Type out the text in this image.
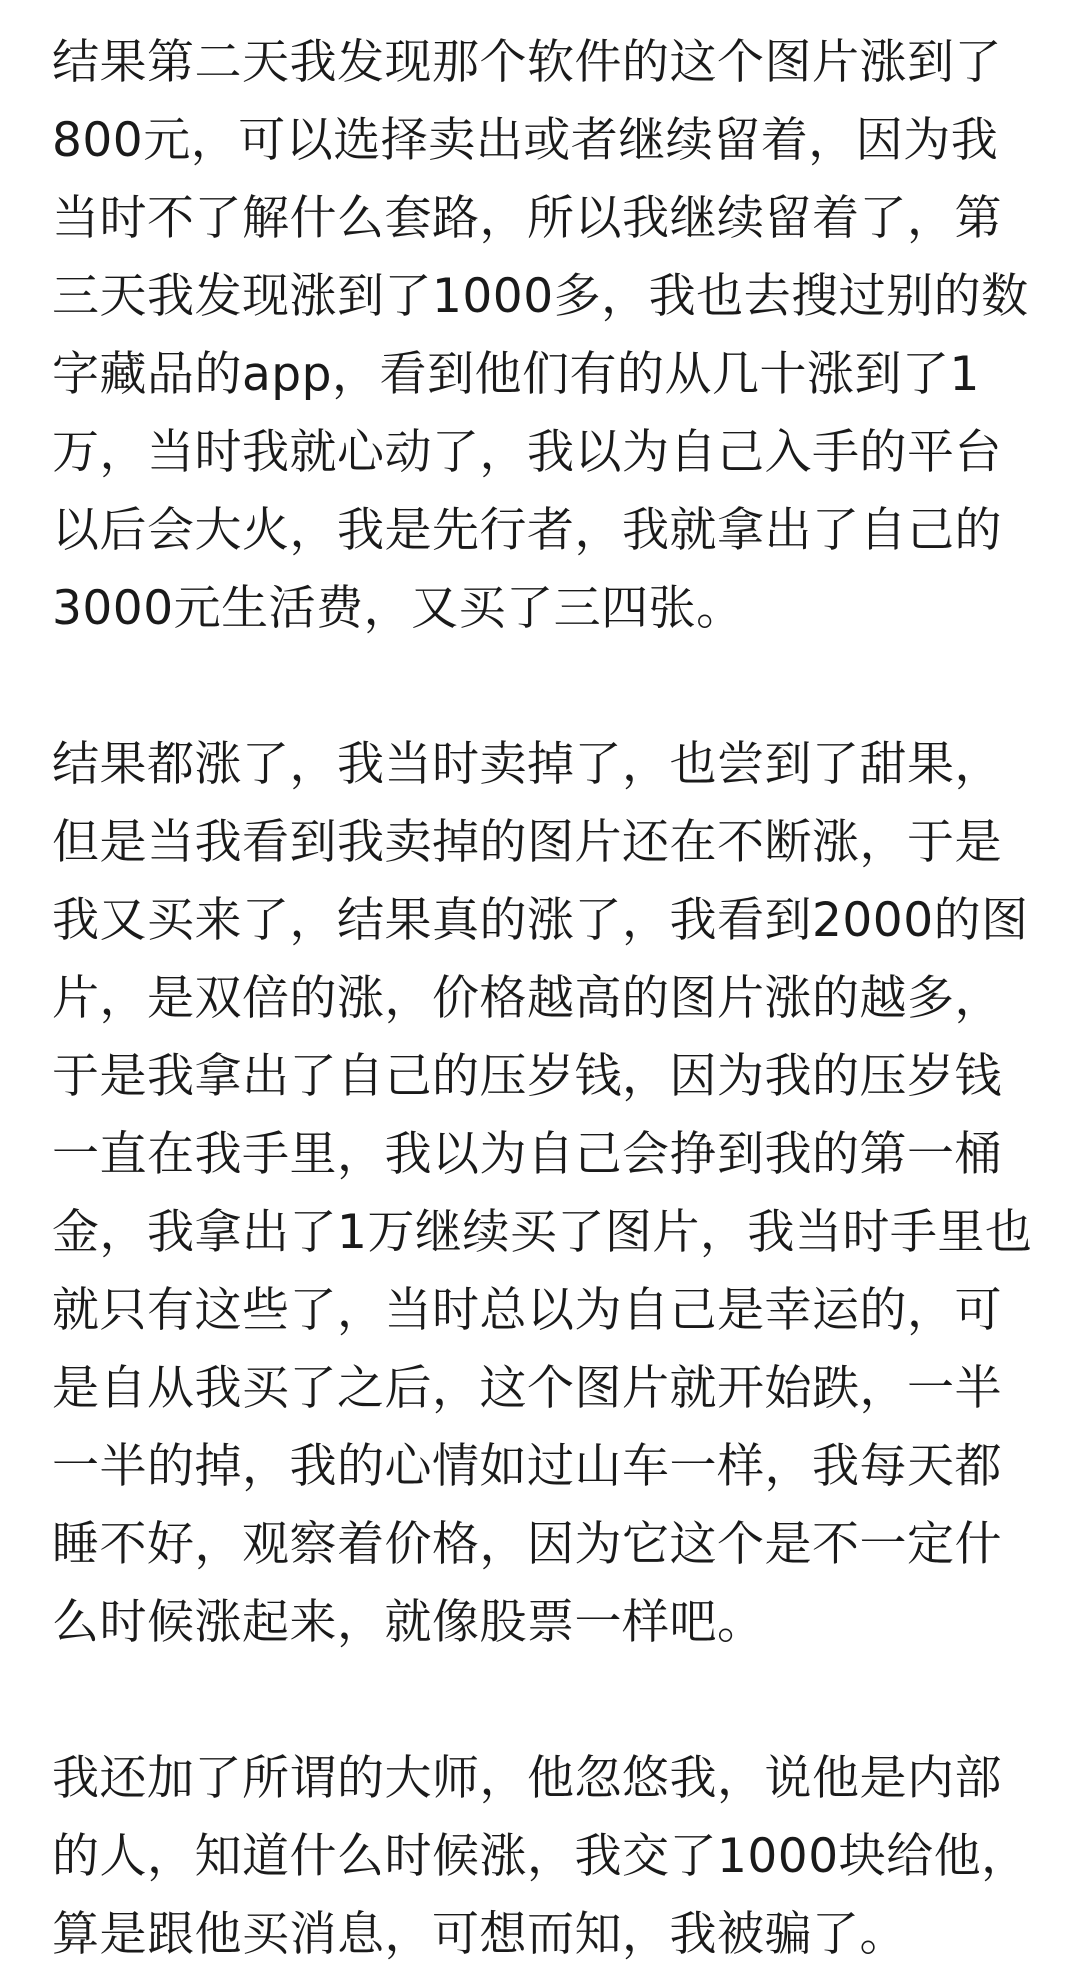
结果第二天我发现那个软件的这个图片涨到了
800元，可以选择卖出或者继续留着，因为我
当时不了解什么套路，所以我继续留着了，第
三天我发现涨到了1000多，我也去搜过别的数
字藏品的app，看到他们有的从几十涨到了1
万，当时我就心动了，我以为自己入手的平台
以后会大火，我是先行者，我就拿出了自己的
3000元生活费，又买了三四张。
结果都涨了，我当时卖掉了，也尝到了甜果，
但是当我看到我卖掉的图片还在不断涨，于是
我又买来了，结果真的涨了，我看到2000的图
片，是双倍的涨，价格越高的图片涨的越多，
于是我拿出了自己的压岁钱，因为我的压岁钱
一直在我手里，我以为自己会挣到我的第一桶
金，我拿出了1万继续买了图片，我当时手里也
就只有这些了，当时总以为自己是幸运的，可
是自从我买了之后，这个图片就开始跌，一半
一半的掉，我的心情如过山车一样，我每天都
睡不好，观察着价格，因为它这个是不一定什
么时候涨起来，就像股票一样吧。
我还加了所谓的大师，他忽悠我，说他是内部
的人，知道什么时候涨，我交了1000块给他，
算是跟他买消息，可想而知，我被骗了。
